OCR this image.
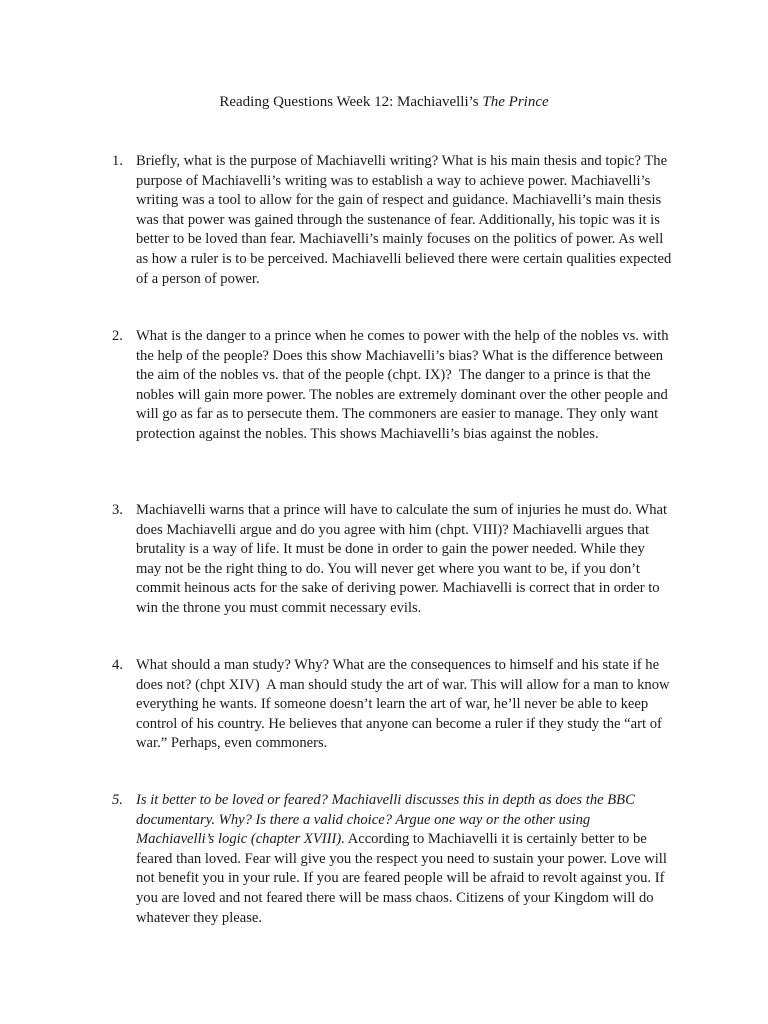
Reading Questions Week 12: Machiavelli’s The Prince
1. Briefly, what is the purpose of Machiavelli writing? What is his main thesis and topic? The purpose of Machiavelli’s writing was to establish a way to achieve power. Machiavelli’s writing was a tool to allow for the gain of respect and guidance. Machiavelli’s main thesis was that power was gained through the sustenance of fear. Additionally, his topic was it is better to be loved than fear. Machiavelli’s mainly focuses on the politics of power. As well as how a ruler is to be perceived. Machiavelli believed there were certain qualities expected of a person of power.
2. What is the danger to a prince when he comes to power with the help of the nobles vs. with the help of the people? Does this show Machiavelli’s bias? What is the difference between the aim of the nobles vs. that of the people (chpt. IX)? The danger to a prince is that the nobles will gain more power. The nobles are extremely dominant over the other people and will go as far as to persecute them. The commoners are easier to manage. They only want protection against the nobles. This shows Machiavelli’s bias against the nobles.
3. Machiavelli warns that a prince will have to calculate the sum of injuries he must do. What does Machiavelli argue and do you agree with him (chpt. VIII)? Machiavelli argues that brutality is a way of life. It must be done in order to gain the power needed. While they may not be the right thing to do. You will never get where you want to be, if you don’t commit heinous acts for the sake of deriving power. Machiavelli is correct that in order to win the throne you must commit necessary evils.
4. What should a man study? Why? What are the consequences to himself and his state if he does not? (chpt XIV) A man should study the art of war. This will allow for a man to know everything he wants. If someone doesn’t learn the art of war, he’ll never be able to keep control of his country. He believes that anyone can become a ruler if they study the “art of war.” Perhaps, even commoners.
5. Is it better to be loved or feared? Machiavelli discusses this in depth as does the BBC documentary. Why? Is there a valid choice? Argue one way or the other using Machiavelli’s logic (chapter XVIII). According to Machiavelli it is certainly better to be feared than loved. Fear will give you the respect you need to sustain your power. Love will not benefit you in your rule. If you are feared people will be afraid to revolt against you. If you are loved and not feared there will be mass chaos. Citizens of your Kingdom will do whatever they please.
